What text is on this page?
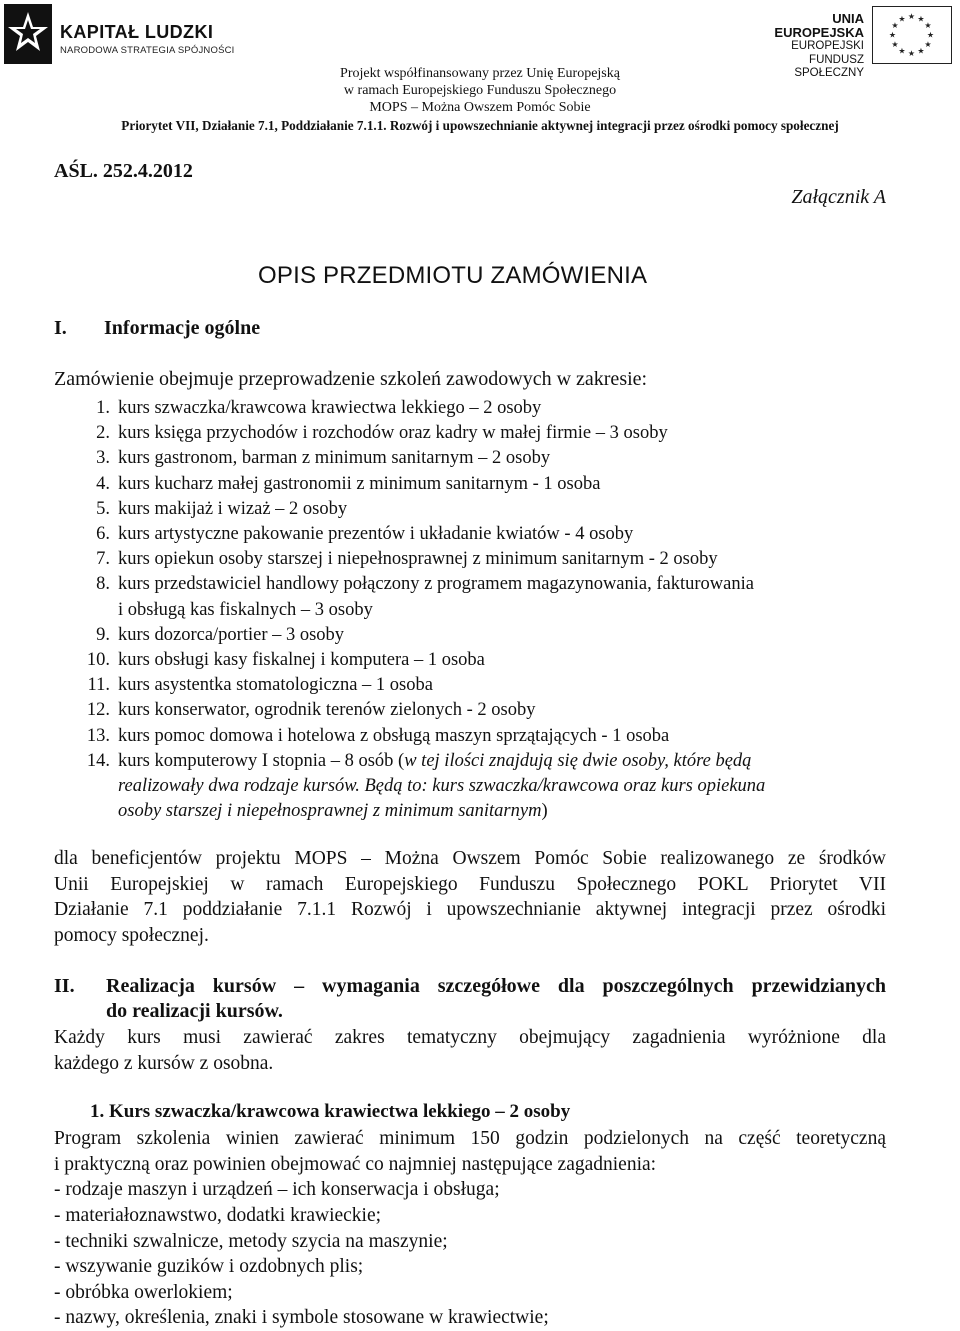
KAPITAŁ LUDZKI
NARODOWA STRATEGIA SPÓJNOŚCI
UNIA EUROPEJSKA
EUROPEJSKI
FUNDUSZ SPOŁECZNY
★ ★
★
★
★
★
★
★
★
★
★
★
Projekt współfinansowany przez Unię Europejską
w ramach Europejskiego Funduszu Społecznego
MOPS – Można Owszem Pomóc Sobie
Priorytet VII, Działanie 7.1, Poddziałanie 7.1.1. Rozwój i upowszechnianie aktywnej integracji przez ośrodki pomocy społecznej
AŚL. 252.4.2012
Załącznik A
OPIS PRZEDMIOTU ZAMÓWIENIA
I. Informacje ogólne
Zamówienie obejmuje przeprowadzenie szkoleń zawodowych w zakresie:
1. kurs szwaczka/krawcowa krawiectwa lekkiego – 2 osoby
2. kurs księga przychodów i rozchodów oraz kadry w małej firmie – 3 osoby
3. kurs gastronom, barman z minimum sanitarnym – 2 osoby
4. kurs kucharz małej gastronomii z minimum sanitarnym - 1 osoba
5. kurs makijaż i wizaż – 2 osoby
6. kurs artystyczne pakowanie prezentów i układanie kwiatów - 4 osoby
7. kurs opiekun osoby starszej i niepełnosprawnej z minimum sanitarnym - 2 osoby
8. kurs przedstawiciel handlowy połączony z programem magazynowania, fakturowania
i obsługą kas fiskalnych – 3 osoby
9. kurs dozorca/portier – 3 osoby
10. kurs obsługi kasy fiskalnej i komputera – 1 osoba
11. kurs asystentka stomatologiczna – 1 osoba
12. kurs konserwator, ogrodnik terenów zielonych - 2 osoby
13. kurs pomoc domowa i hotelowa z obsługą maszyn sprzątających - 1 osoba
14. kurs komputerowy I stopnia – 8 osób (w tej ilości znajdują się dwie osoby, które będą
realizowały dwa rodzaje kursów. Będą to: kurs szwaczka/krawcowa oraz kurs opiekuna
osoby starszej i niepełnosprawnej z minimum sanitarnym)
dla beneficjentów projektu MOPS – Można Owszem Pomóc Sobie realizowanego ze środków
Unii Europejskiej w ramach Europejskiego Funduszu Społecznego POKL Priorytet VII
Działanie 7.1 poddziałanie 7.1.1 Rozwój i upowszechnianie aktywnej integracji przez ośrodki
pomocy społecznej.
II.	Realizacja kursów – wymagania szczegółowe dla poszczególnych przewidzianych
do realizacji kursów.
Każdy kurs musi zawierać zakres tematyczny obejmujący zagadnienia wyróżnione dla
każdego z kursów z osobna.
1. Kurs szwaczka/krawcowa krawiectwa lekkiego – 2 osoby
Program szkolenia winien zawierać minimum 150 godzin podzielonych na część teoretyczną
i praktyczną oraz powinien obejmować co najmniej następujące zagadnienia:
- rodzaje maszyn i urządzeń – ich konserwacja i obsługa;
- materiałoznawstwo, dodatki krawieckie;
- techniki szwalnicze, metody szycia na maszynie;
- wszywanie guzików i ozdobnych plis;
- obróbka owerlokiem;
- nazwy, określenia, znaki i symbole stosowane w krawiectwie;
